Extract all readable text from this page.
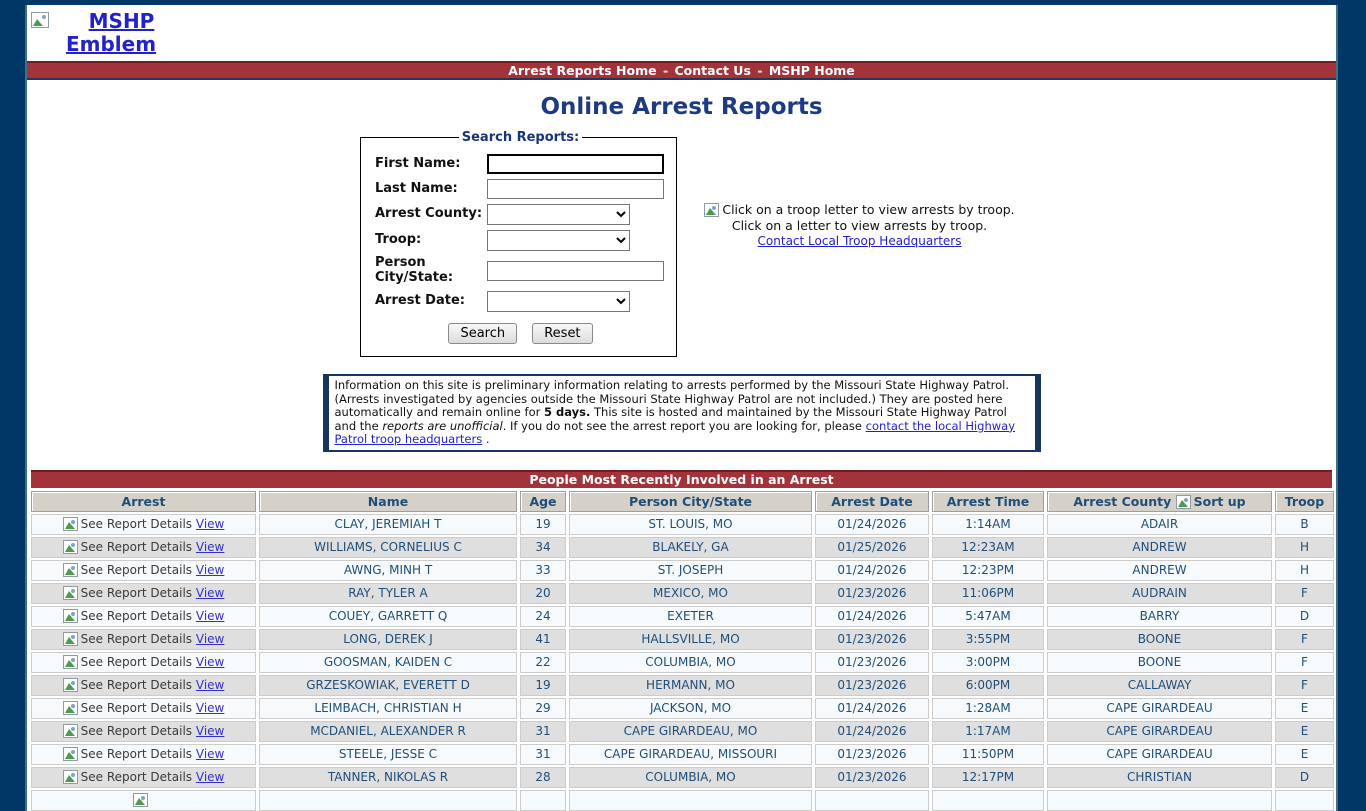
MSHP Emblem
Arrest Reports Home - Contact Us - MSHP Home
Online Arrest Reports
Search Reports:
First Name:
Last Name:
Arrest County:
Troop:
Person City/State:
Arrest Date:
Search	Reset
Click on a troop letter to view arrests by troop.
Click on a letter to view arrests by troop.
Contact Local Troop Headquarters
Information on this site is preliminary information relating to arrests performed by the Missouri State Highway Patrol. (Arrests investigated by agencies outside the Missouri State Highway Patrol are not included.) They are posted here automatically and remain online for 5 days. This site is hosted and maintained by the Missouri State Highway Patrol and the reports are unofficial. If you do not see the arrest report you are looking for, please contact the local Highway Patrol troop headquarters .
People Most Recently Involved in an Arrest
Arrest	Name	Age	Person City/State	Arrest Date	Arrest Time	Arrest County Sort up	Troop
See Report Details View	CLAY, JEREMIAH T	19	ST. LOUIS, MO	01/24/2026	1:14AM	ADAIR	B
See Report Details View	WILLIAMS, CORNELIUS C	34	BLAKELY, GA	01/25/2026	12:23AM	ANDREW	H
See Report Details View	AWNG, MINH T	33	ST. JOSEPH	01/24/2026	12:23PM	ANDREW	H
See Report Details View	RAY, TYLER A	20	MEXICO, MO	01/23/2026	11:06PM	AUDRAIN	F
See Report Details View	COUEY, GARRETT Q	24	EXETER	01/24/2026	5:47AM	BARRY	D
See Report Details View	LONG, DEREK J	41	HALLSVILLE, MO	01/23/2026	3:55PM	BOONE	F
See Report Details View	GOOSMAN, KAIDEN C	22	COLUMBIA, MO	01/23/2026	3:00PM	BOONE	F
See Report Details View	GRZESKOWIAK, EVERETT D	19	HERMANN, MO	01/23/2026	6:00PM	CALLAWAY	F
See Report Details View	LEIMBACH, CHRISTIAN H	29	JACKSON, MO	01/24/2026	1:28AM	CAPE GIRARDEAU	E
See Report Details View	MCDANIEL, ALEXANDER R	31	CAPE GIRARDEAU, MO	01/24/2026	1:17AM	CAPE GIRARDEAU	E
See Report Details View	STEELE, JESSE C	31	CAPE GIRARDEAU, MISSOURI	01/23/2026	11:50PM	CAPE GIRARDEAU	E
See Report Details View	TANNER, NIKOLAS R	28	COLUMBIA, MO	01/23/2026	12:17PM	CHRISTIAN	D
